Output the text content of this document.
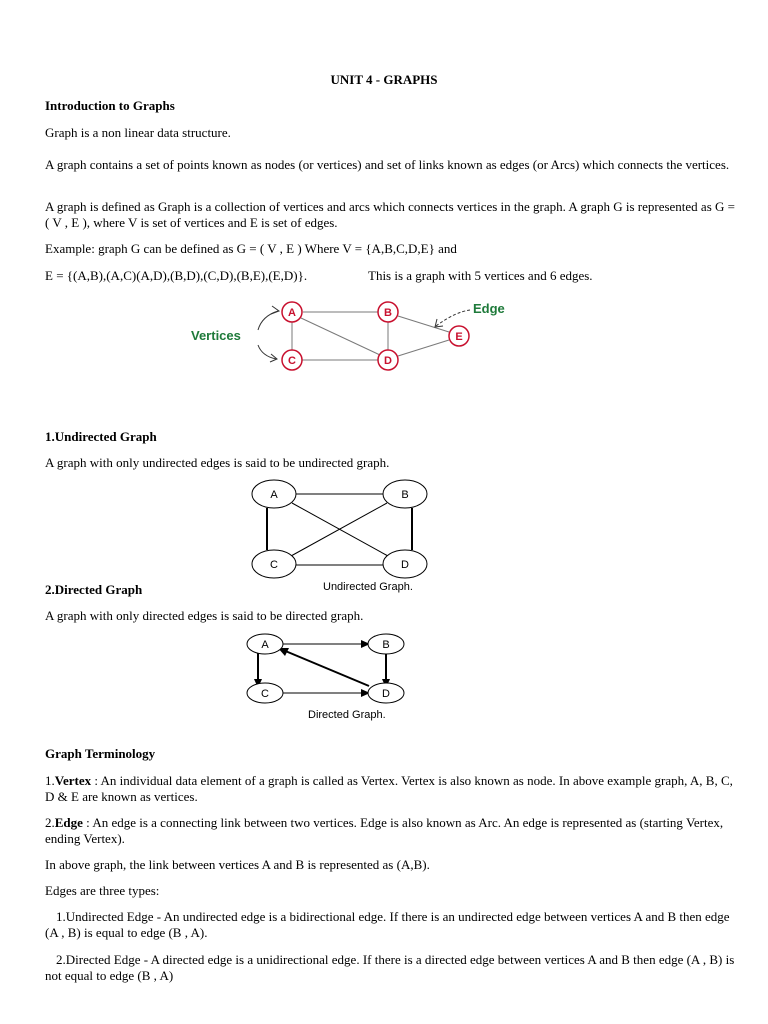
UNIT 4 - GRAPHS
Introduction to Graphs
Graph is a non linear data structure.
A graph contains a set of points known as nodes (or vertices) and set of links known as edges (or Arcs) which connects the vertices.
A graph is defined as Graph is a collection of vertices and arcs which connects vertices in the graph. A graph G is represented as G = ( V , E ), where V is set of vertices and E is set of edges.
Example: graph G can be defined as G = ( V , E ) Where V = {A,B,C,D,E} and
E = {(A,B),(A,C)(A,D),(B,D),(C,D),(B,E),(E,D)}.	This is a graph with 5 vertices and 6 edges.
A	B
C	D
E
Vertices
Edge
1.Undirected Graph
A graph with only undirected edges is said to be undirected graph.
A	B
C	D
Undirected Graph.
2.Directed Graph
A graph with only directed edges is said to be directed graph.
A	B
C	D
Directed Graph.
Graph Terminology
1.Vertex : An individual data element of a graph is called as Vertex. Vertex is also known as node. In above example graph, A, B, C, D & E are known as vertices.
2.Edge : An edge is a connecting link between two vertices. Edge is also known as Arc. An edge is represented as (starting Vertex, ending Vertex).
In above graph, the link between vertices A and B is represented as (A,B).
Edges are three types:
1.Undirected Edge - An undirected edge is a bidirectional edge. If there is an undirected edge between vertices A and B then edge (A , B) is equal to edge (B , A).
2.Directed Edge - A directed edge is a unidirectional edge. If there is a directed edge between vertices A and B then edge (A , B) is not equal to edge (B , A)
